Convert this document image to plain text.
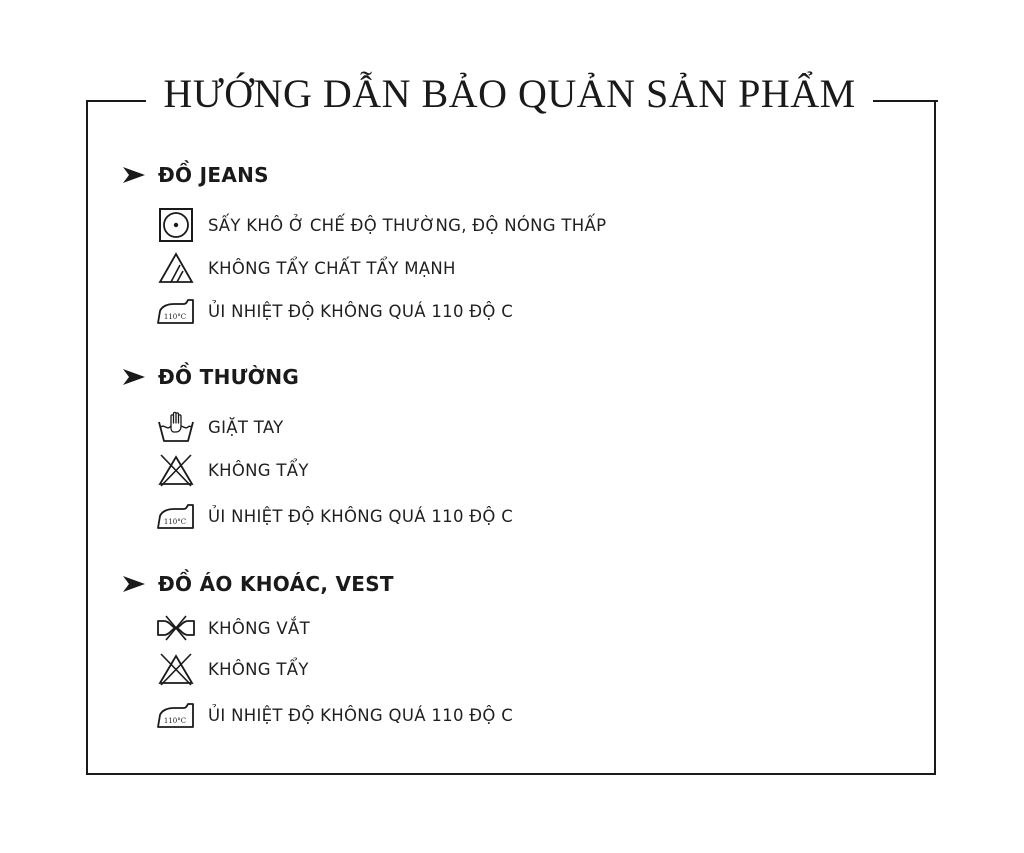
HƯỚNG DẪN BẢO QUẢN SẢN PHẨM
ĐỒ JEANS
SẤY KHÔ Ở CHẾ ĐỘ THƯỜNG, ĐỘ NÓNG THẤP
KHÔNG TẨY CHẤT TẨY MẠNH
110°C ỦI NHIỆT ĐỘ KHÔNG QUÁ 110 ĐỘ C
ĐỒ THƯỜNG
GIẶT TAY
KHÔNG TẨY
110°C ỦI NHIỆT ĐỘ KHÔNG QUÁ 110 ĐỘ C
ĐỒ ÁO KHOÁC, VEST
KHÔNG VẮT
KHÔNG TẨY
110°C ỦI NHIỆT ĐỘ KHÔNG QUÁ 110 ĐỘ C
